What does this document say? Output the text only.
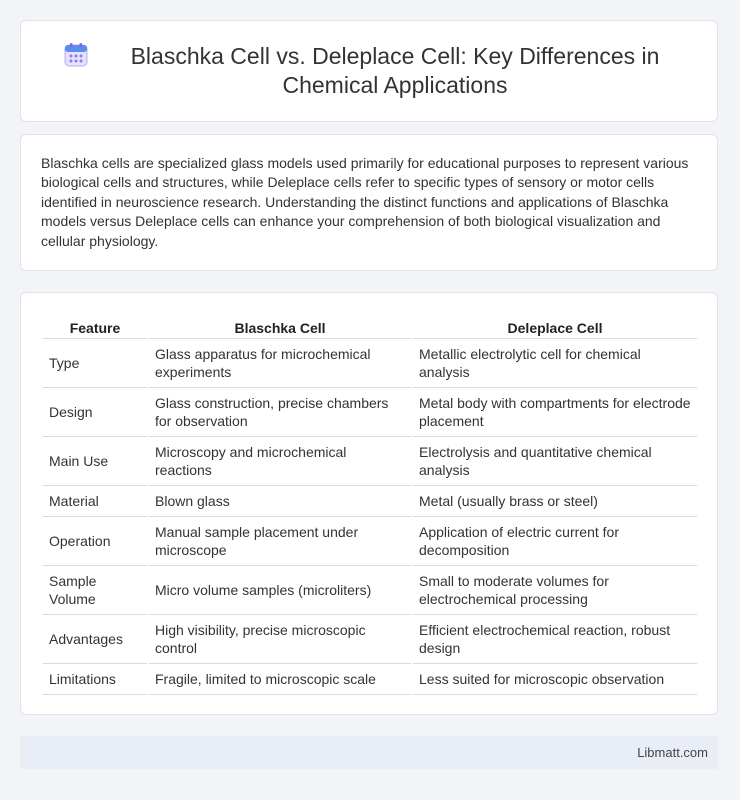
Blaschka Cell vs. Deleplace Cell: Key Differences in Chemical Applications

Blaschka cells are specialized glass models used primarily for educational purposes to represent various biological cells and structures, while Deleplace cells refer to specific types of sensory or motor cells identified in neuroscience research. Understanding the distinct functions and applications of Blaschka models versus Deleplace cells can enhance your comprehension of both biological visualization and cellular physiology.

Feature	Blaschka Cell	Deleplace Cell
Type	Glass apparatus for microchemical experiments	Metallic electrolytic cell for chemical analysis
Design	Glass construction, precise chambers for observation	Metal body with compartments for electrode placement
Main Use	Microscopy and microchemical reactions	Electrolysis and quantitative chemical analysis
Material	Blown glass	Metal (usually brass or steel)
Operation	Manual sample placement under microscope	Application of electric current for decomposition
Sample Volume	Micro volume samples (microliters)	Small to moderate volumes for electrochemical processing
Advantages	High visibility, precise microscopic control	Efficient electrochemical reaction, robust design
Limitations	Fragile, limited to microscopic scale	Less suited for microscopic observation
Libmatt.com
